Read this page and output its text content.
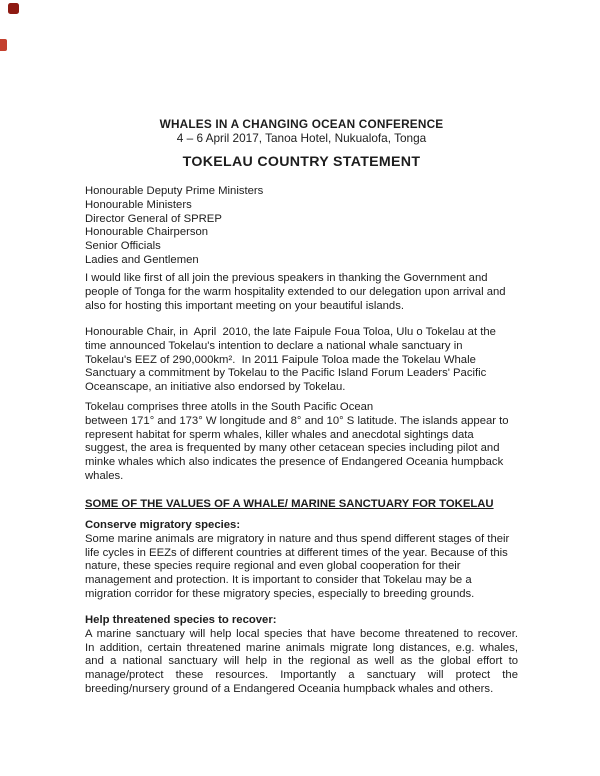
WHALES IN A CHANGING OCEAN CONFERENCE
4 – 6 April 2017, Tanoa Hotel, Nukualofa, Tonga
TOKELAU COUNTRY STATEMENT
Honourable Deputy Prime Ministers
Honourable Ministers
Director General of SPREP
Honourable Chairperson
Senior Officials
Ladies and Gentlemen
I would like first of all join the previous speakers in thanking the Government and
people of Tonga for the warm hospitality extended to our delegation upon arrival and
also for hosting this important meeting on your beautiful islands.
Honourable Chair, in  April  2010, the late Faipule Foua Toloa, Ulu o Tokelau at the
time announced Tokelau's intention to declare a national whale sanctuary in
Tokelau's EEZ of 290,000km².  In 2011 Faipule Toloa made the Tokelau Whale
Sanctuary a commitment by Tokelau to the Pacific Island Forum Leaders' Pacific
Oceanscape, an initiative also endorsed by Tokelau.
Tokelau comprises three atolls in the South Pacific Ocean
between 171° and 173° W longitude and 8° and 10° S latitude. The islands appear to
represent habitat for sperm whales, killer whales and anecdotal sightings data
suggest, the area is frequented by many other cetacean species including pilot and
minke whales which also indicates the presence of Endangered Oceania humpback
whales.
SOME OF THE VALUES OF A WHALE/ MARINE SANCTUARY FOR TOKELAU
Conserve migratory species:
Some marine animals are migratory in nature and thus spend different stages of their
life cycles in EEZs of different countries at different times of the year. Because of this
nature, these species require regional and even global cooperation for their
management and protection. It is important to consider that Tokelau may be a
migration corridor for these migratory species, especially to breeding grounds.
Help threatened species to recover:
A marine sanctuary will help local species that have become threatened to recover.
In addition, certain threatened marine animals migrate long distances, e.g. whales,
and a national sanctuary will help in the regional as well as the global effort to
manage/protect these resources. Importantly a sanctuary will protect the
breeding/nursery ground of a Endangered Oceania humpback whales and others.
